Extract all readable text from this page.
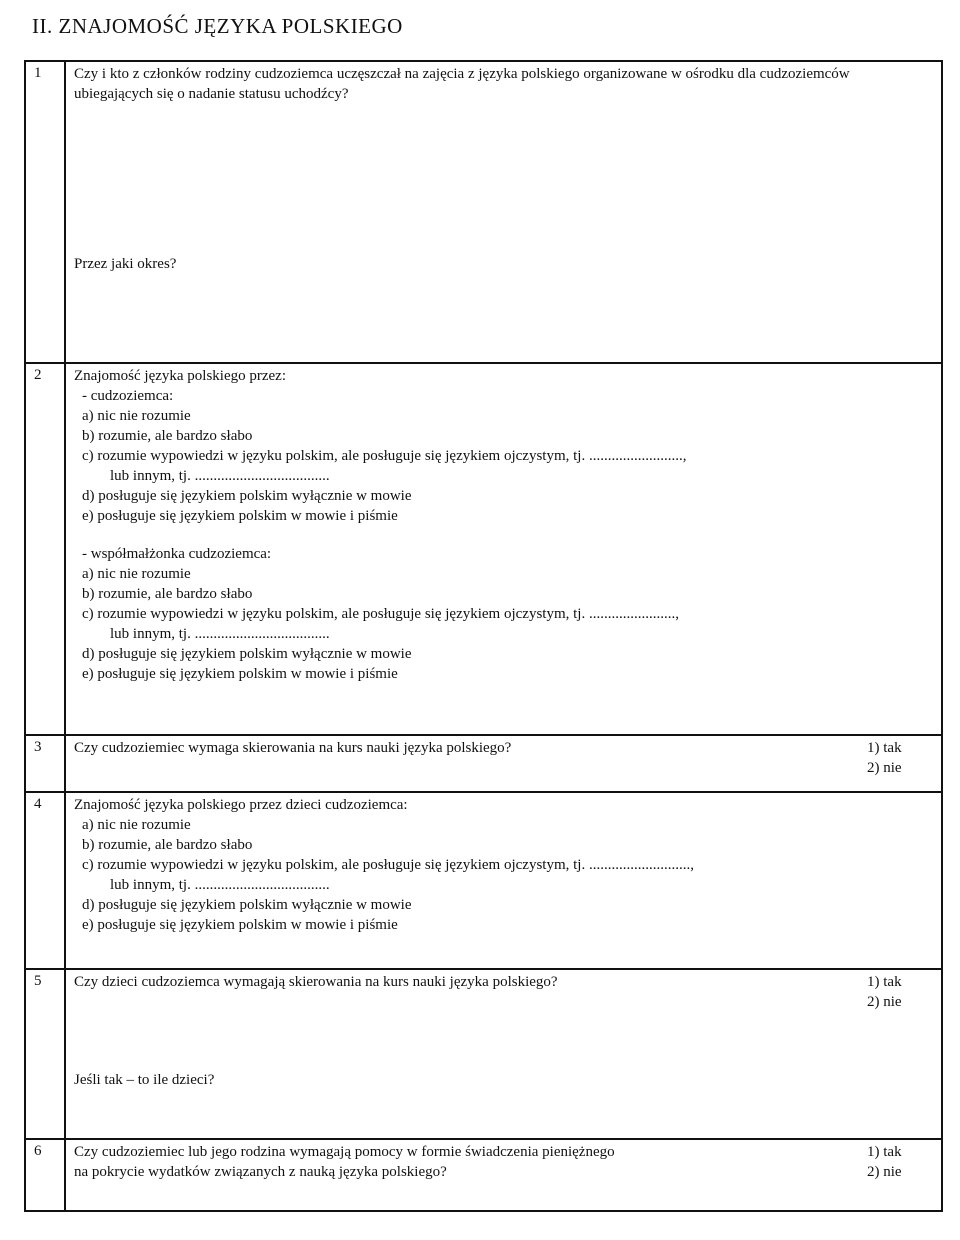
II. ZNAJOMOŚĆ JĘZYKA POLSKIEGO
1	Czy i kto z członków rodziny cudzoziemca uczęszczał na zajęcia z języka polskiego organizowane w ośrodku dla cudzoziemców ubiegających się o nadanie statusu uchodźcy?
Przez jaki okres?
2	Znajomość języka polskiego przez:
- cudzoziemca:
a) nic nie rozumie
b) rozumie, ale bardzo słabo
c) rozumie wypowiedzi w języku polskim, ale posługuje się językiem ojczystym, tj. .........................,
lub innym, tj. ....................................
d) posługuje się językiem polskim wyłącznie w mowie
e) posługuje się językiem polskim w mowie i piśmie
- współmałżonka cudzoziemca:
a) nic nie rozumie
b) rozumie, ale bardzo słabo
c) rozumie wypowiedzi w języku polskim, ale posługuje się językiem ojczystym, tj. .......................,
lub innym, tj. ....................................
d) posługuje się językiem polskim wyłącznie w mowie
e) posługuje się językiem polskim w mowie i piśmie
3	Czy cudzoziemiec wymaga skierowania na kurs nauki języka polskiego?	1) tak
2) nie
4	Znajomość języka polskiego przez dzieci cudzoziemca:
a) nic nie rozumie
b) rozumie, ale bardzo słabo
c) rozumie wypowiedzi w języku polskim, ale posługuje się językiem ojczystym, tj. ...........................,
lub innym, tj. ....................................
d) posługuje się językiem polskim wyłącznie w mowie
e) posługuje się językiem polskim w mowie i piśmie
5	Czy dzieci cudzoziemca wymagają skierowania na kurs nauki języka polskiego?	1) tak
2) nie
Jeśli tak – to ile dzieci?
6	Czy cudzoziemiec lub jego rodzina wymagają pomocy w formie świadczenia pieniężnego
na pokrycie wydatków związanych z nauką języka polskiego?
1) tak
2) nie
